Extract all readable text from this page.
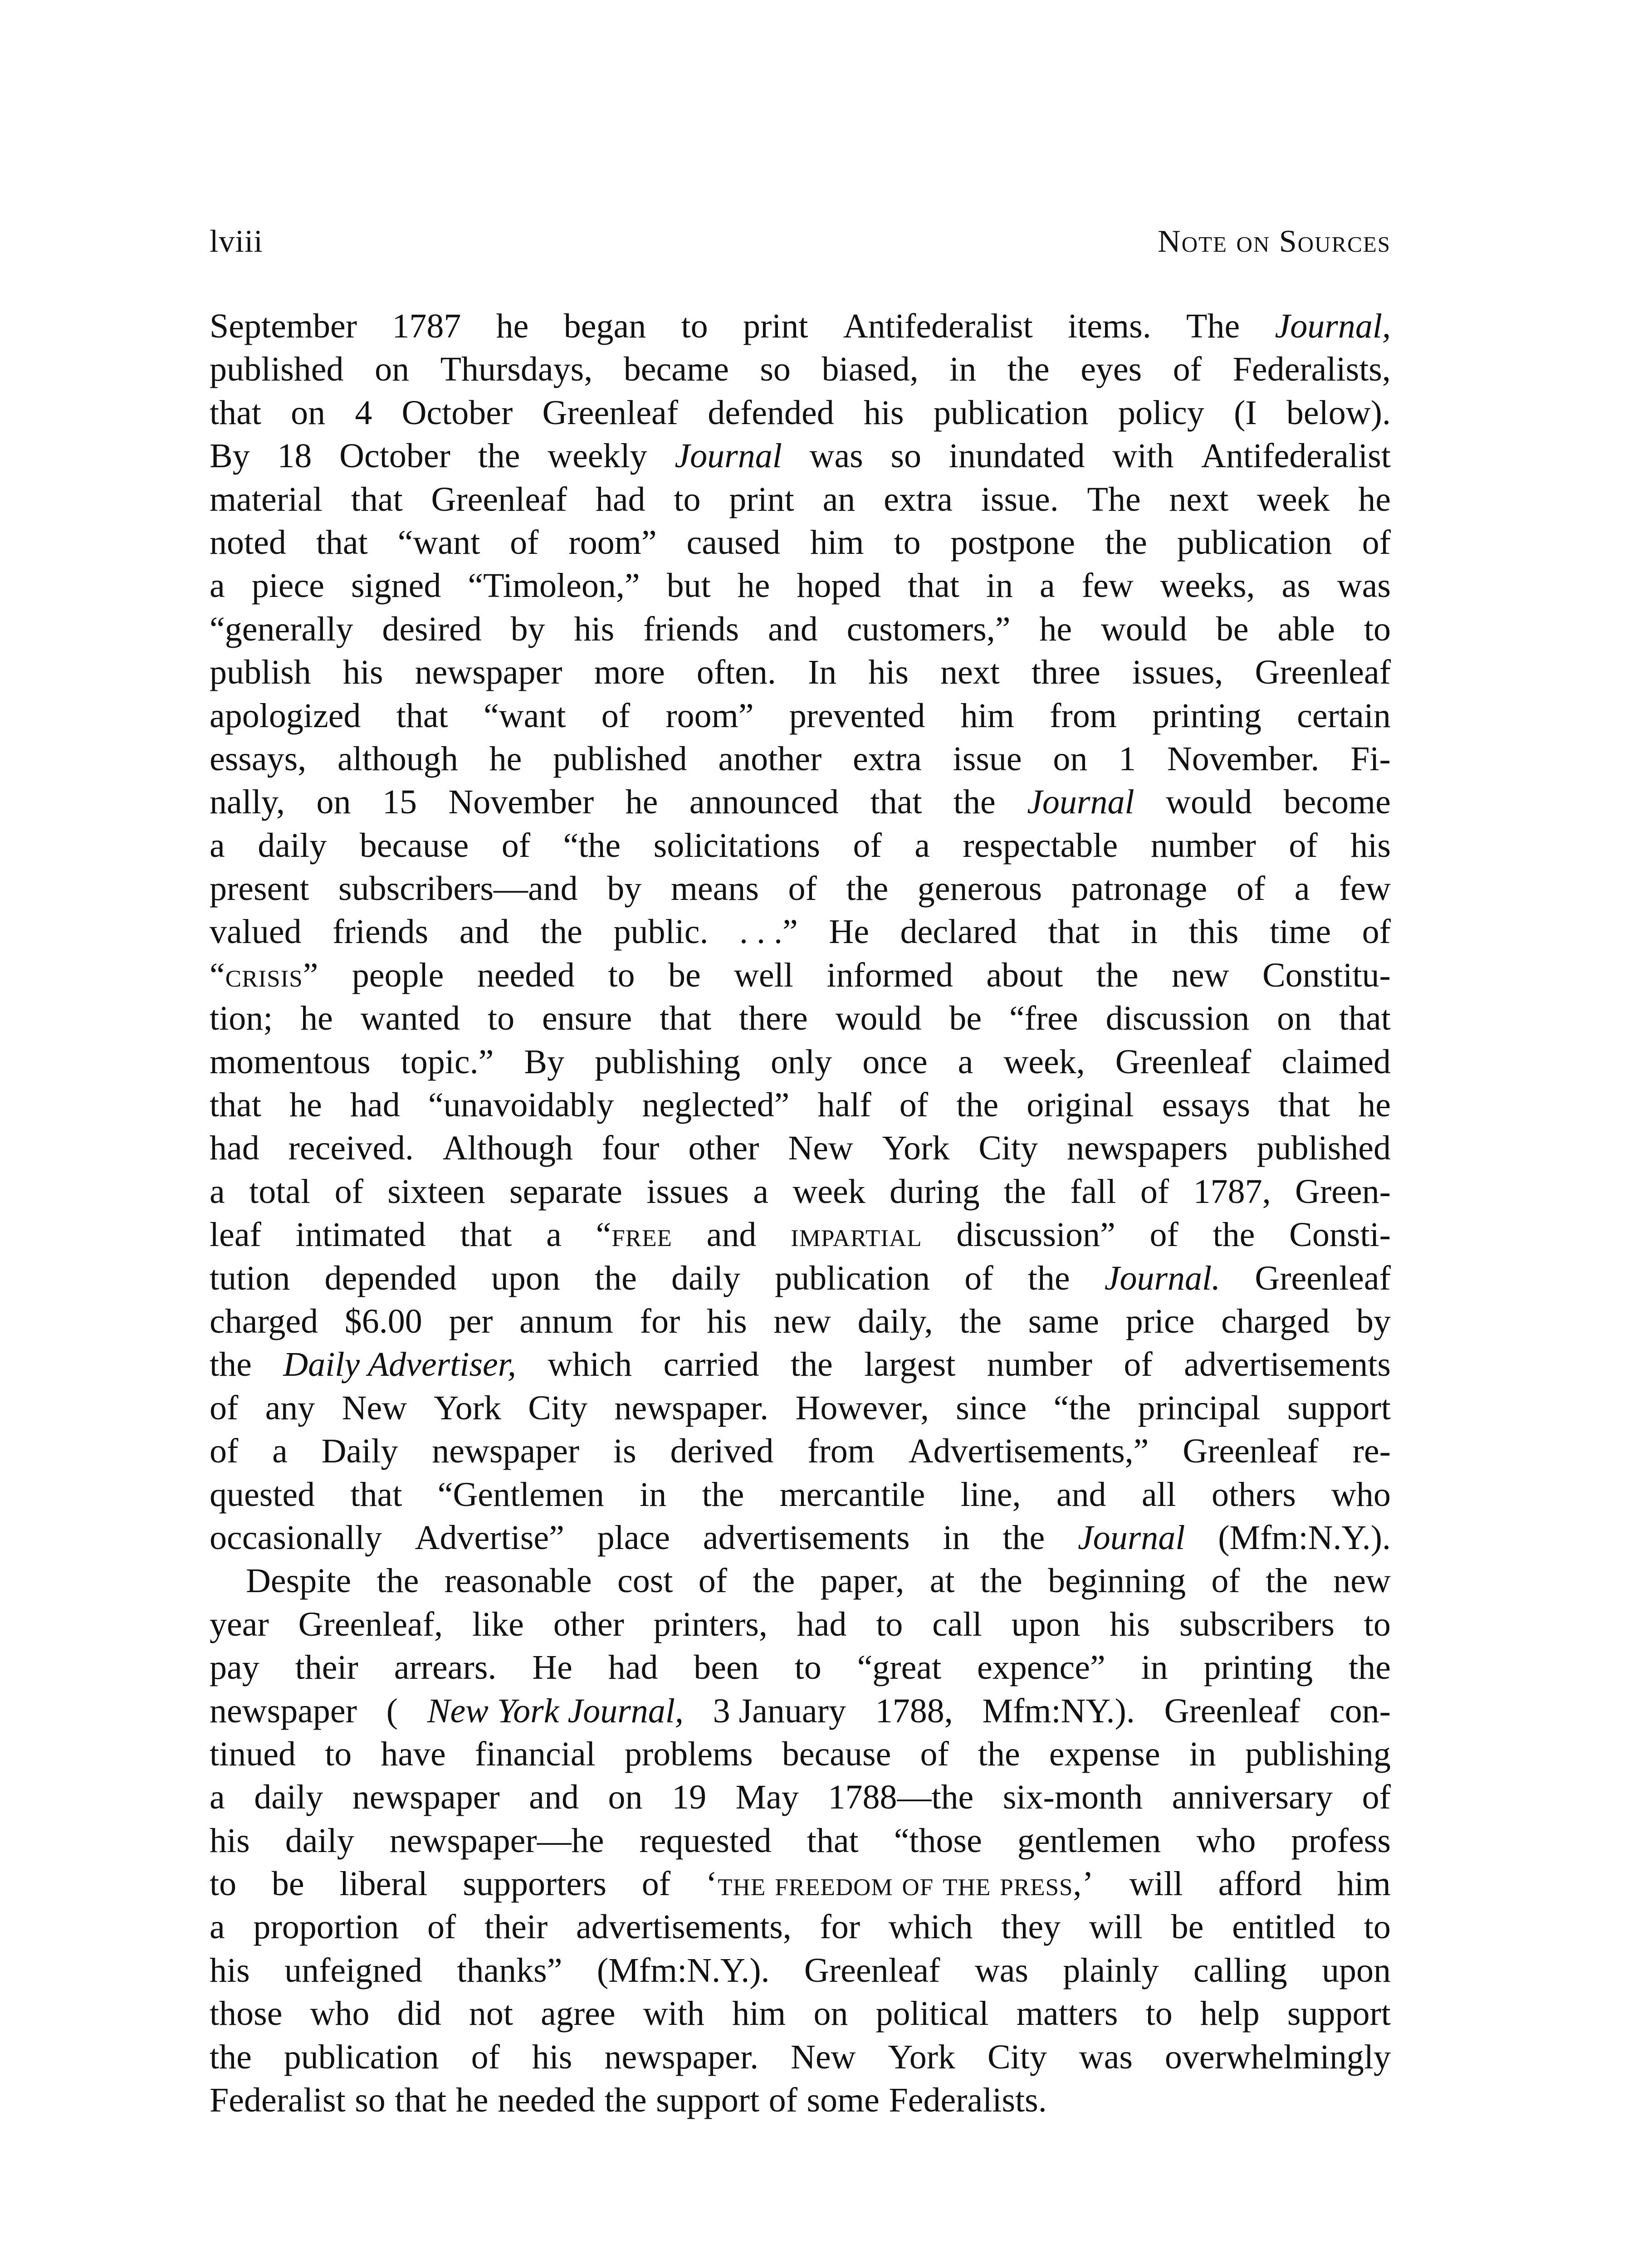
lviii	Note on Sources
September 1787 he began to print Antifederalist items. The Journal,
published on Thursdays, became so biased, in the eyes of Federalists,
that on 4 October Greenleaf defended his publication policy (I below).
By 18 October the weekly Journal was so inundated with Antifederalist
material that Greenleaf had to print an extra issue. The next week he
noted that “want of room” caused him to postpone the publication of
a piece signed “Timoleon,” but he hoped that in a few weeks, as was
“generally desired by his friends and customers,” he would be able to
publish his newspaper more often. In his next three issues, Greenleaf
apologized that “want of room” prevented him from printing certain
essays, although he published another extra issue on 1 November. Fi-
nally, on 15 November he announced that the Journal would become
a daily because of “the solicitations of a respectable number of his
present subscribers—and by means of the generous patronage of a few
valued friends and the public. . . .” He declared that in this time of
“crisis” people needed to be well informed about the new Constitu-
tion; he wanted to ensure that there would be “free discussion on that
momentous topic.” By publishing only once a week, Greenleaf claimed
that he had “unavoidably neglected” half of the original essays that he
had received. Although four other New York City newspapers published
a total of sixteen separate issues a week during the fall of 1787, Green-
leaf intimated that a “free and impartial discussion” of the Consti-
tution depended upon the daily publication of the Journal. Greenleaf
charged $6.00 per annum for his new daily, the same price charged by
the Daily Advertiser, which carried the largest number of advertisements
of any New York City newspaper. However, since “the principal support
of a Daily newspaper is derived from Advertisements,” Greenleaf re-
quested that “Gentlemen in the mercantile line, and all others who
occasionally Advertise” place advertisements in the Journal (Mfm:N.Y.).
Despite the reasonable cost of the paper, at the beginning of the new
year Greenleaf, like other printers, had to call upon his subscribers to
pay their arrears. He had been to “great expence” in printing the
newspaper ( New York Journal, 3 January 1788, Mfm:NY.). Greenleaf con-
tinued to have financial problems because of the expense in publishing
a daily newspaper and on 19 May 1788—the six-month anniversary of
his daily newspaper—he requested that “those gentlemen who profess
to be liberal supporters of ‘the freedom of the press,’ will afford him
a proportion of their advertisements, for which they will be entitled to
his unfeigned thanks” (Mfm:N.Y.). Greenleaf was plainly calling upon
those who did not agree with him on political matters to help support
the publication of his newspaper. New York City was overwhelmingly
Federalist so that he needed the support of some Federalists.
